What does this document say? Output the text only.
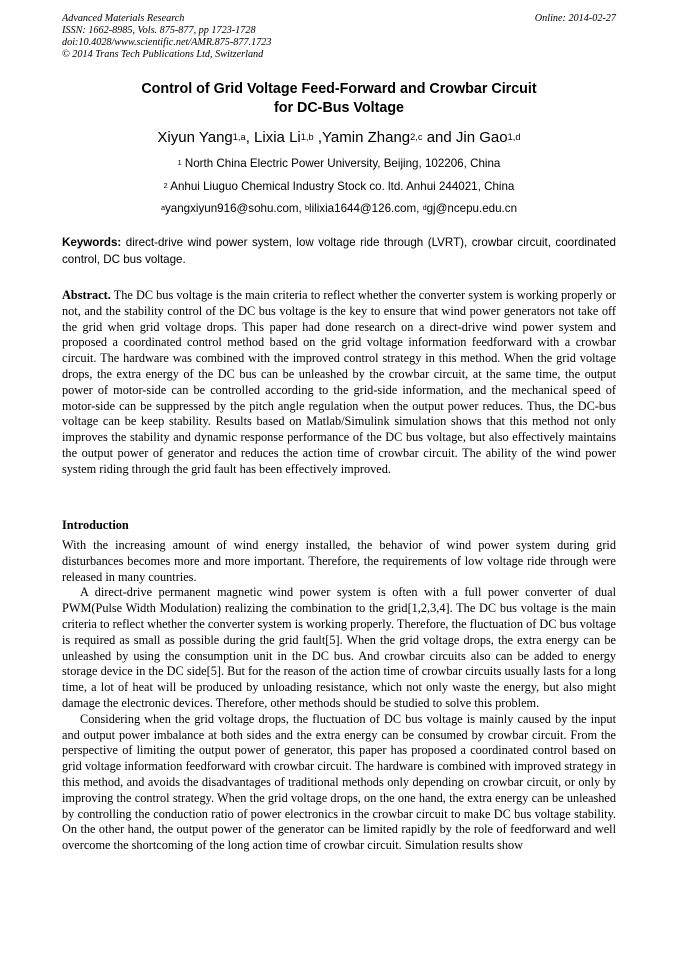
Advanced Materials Research
ISSN: 1662-8985, Vols. 875-877, pp 1723-1728
doi:10.4028/www.scientific.net/AMR.875-877.1723
© 2014 Trans Tech Publications Ltd, Switzerland
Online: 2014-02-27
Control of Grid Voltage Feed-Forward and Crowbar Circuit
for DC-Bus Voltage
Xiyun Yang$^{1,a}$, Lixia Li$^{1,b}$ ,Yamin Zhang$^{2,c}$ and Jin Gao$^{1,d}$
$^1$ North China Electric Power University, Beijing, 102206, China
$^2$ Anhui Liuguo Chemical Industry Stock co. ltd. Anhui 244021, China
$^a$yangxiyun916@sohu.com, $^b$lilixia1644@126.com, $^d$gj@ncepu.edu.cn
Keywords: direct-drive wind power system, low voltage ride through (LVRT), crowbar circuit, coordinated control, DC bus voltage.
Abstract. The DC bus voltage is the main criteria to reflect whether the converter system is working properly or not, and the stability control of the DC bus voltage is the key to ensure that wind power generators not take off the grid when grid voltage drops. This paper had done research on a direct-drive wind power system and proposed a coordinated control method based on the grid voltage information feedforward with a crowbar circuit. The hardware was combined with the improved control strategy in this method. When the grid voltage drops, the extra energy of the DC bus can be unleashed by the crowbar circuit, at the same time, the output power of motor-side can be controlled according to the grid-side information, and the mechanical speed of motor-side can be suppressed by the pitch angle regulation when the output power reduces. Thus, the DC-bus voltage can be keep stability. Results based on Matlab/Simulink simulation shows that this method not only improves the stability and dynamic response performance of the DC bus voltage, but also effectively maintains the output power of generator and reduces the action time of crowbar circuit. The ability of the wind power system riding through the grid fault has been effectively improved.
Introduction

With the increasing amount of wind energy installed, the behavior of wind power system during grid disturbances becomes more and more important. Therefore, the requirements of low voltage ride through were released in many countries.

A direct-drive permanent magnetic wind power system is often with a full power converter of dual PWM(Pulse Width Modulation) realizing the combination to the grid[1,2,3,4]. The DC bus voltage is the main criteria to reflect whether the converter system is working properly. Therefore, the fluctuation of DC bus voltage is required as small as possible during the grid fault[5]. When the grid voltage drops, the extra energy can be unleashed by using the consumption unit in the DC bus. And crowbar circuits also can be added to energy storage device in the DC side[5]. But for the reason of the action time of crowbar circuits usually lasts for a long time, a lot of heat will be produced by unloading resistance, which not only waste the energy, but also might damage the electronic devices. Therefore, other methods should be studied to solve this problem.

Considering when the grid voltage drops, the fluctuation of DC bus voltage is mainly caused by the input and output power imbalance at both sides and the extra energy can be consumed by crowbar circuit. From the perspective of limiting the output power of generator, this paper has proposed a coordinated control based on grid voltage information feedforward with crowbar circuit. The hardware is combined with improved strategy in this method, and avoids the disadvantages of traditional methods only depending on crowbar circuit, or only by improving the control strategy. When the grid voltage drops, on the one hand, the extra energy can be unleashed by controlling the conduction ratio of power electronics in the crowbar circuit to make DC bus voltage stability. On the other hand, the output power of the generator can be limited rapidly by the role of feedforward and well overcome the shortcoming of the long action time of crowbar circuit. Simulation results show
